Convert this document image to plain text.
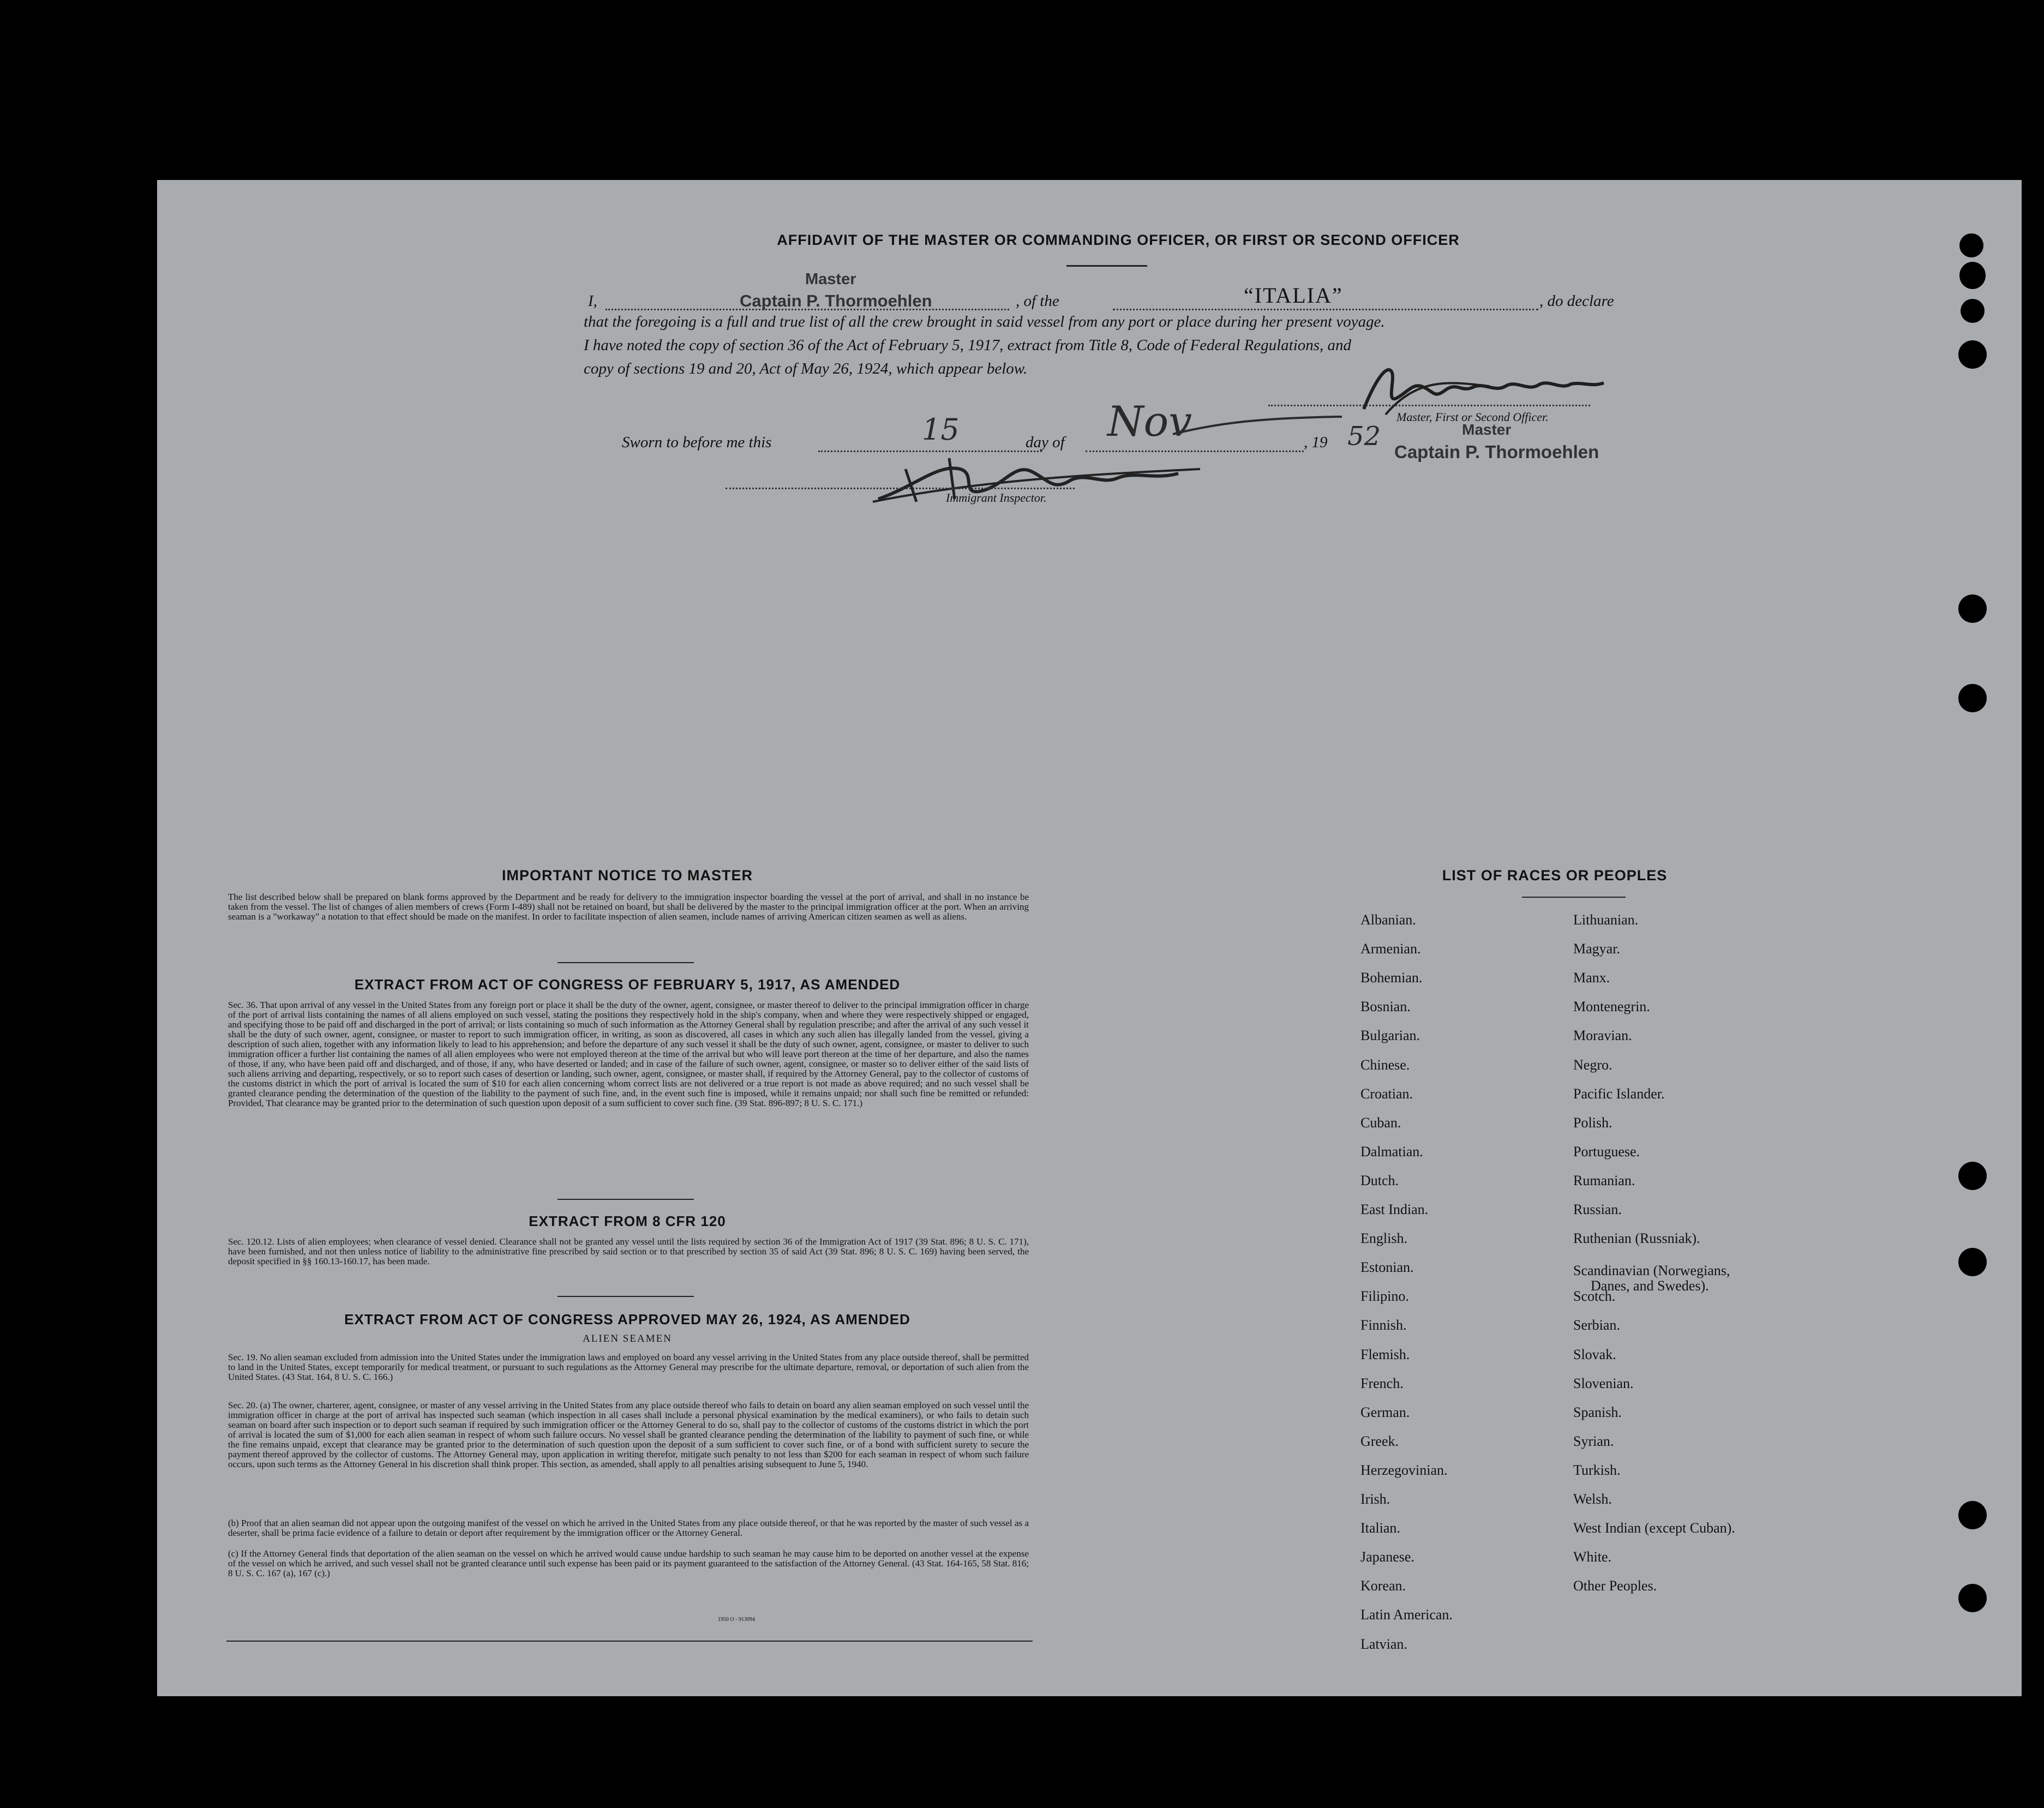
AFFIDAVIT OF THE MASTER OR COMMANDING OFFICER, OR FIRST OR SECOND OFFICER
Master
I,	Captain P. Thormoehlen	, of the	“ITALIA”	, do declare
that the foregoing is a full and true list of all the crew brought in said vessel from any port or place during her present voyage.
I have noted the copy of section 36 of the Act of February 5, 1917, extract from Title 8, Code of Federal Regulations, and
copy of sections 19 and 20, Act of May 26, 1924, which appear below.
Master, First or Second Officer.
Sworn to before me this	15	day of Nov	, 19 52	Master
Captain P. Thormoehlen
Immigrant Inspector.
IMPORTANT NOTICE TO MASTER
The list described below shall be prepared on blank forms approved by the Department and be ready for delivery to the immigration inspector boarding the vessel at the port of arrival, and shall in no instance be taken from the vessel. The list of changes of alien members of crews (Form I-489) shall not be retained on board, but shall be delivered by the master to the principal immigration officer at the port. When an arriving seaman is a "workaway" a notation to that effect should be made on the manifest. In order to facilitate inspection of alien seamen, include names of arriving American citizen seamen as well as aliens.
EXTRACT FROM ACT OF CONGRESS OF FEBRUARY 5, 1917, AS AMENDED
Sec. 36. That upon arrival of any vessel in the United States from any foreign port or place it shall be the duty of the owner, agent, consignee, or master thereof to deliver to the principal immigration officer in charge of the port of arrival lists containing the names of all aliens employed on such vessel, stating the positions they respectively hold in the ship's company, when and where they were respectively shipped or engaged, and specifying those to be paid off and discharged in the port of arrival; or lists containing so much of such information as the Attorney General shall by regulation prescribe; and after the arrival of any such vessel it shall be the duty of such owner, agent, consignee, or master to report to such immigration officer, in writing, as soon as discovered, all cases in which any such alien has illegally landed from the vessel, giving a description of such alien, together with any information likely to lead to his apprehension; and before the departure of any such vessel it shall be the duty of such owner, agent, consignee, or master to deliver to such immigration officer a further list containing the names of all alien employees who were not employed thereon at the time of the arrival but who will leave port thereon at the time of her departure, and also the names of those, if any, who have been paid off and discharged, and of those, if any, who have deserted or landed; and in case of the failure of such owner, agent, consignee, or master so to deliver either of the said lists of such aliens arriving and departing, respectively, or so to report such cases of desertion or landing, such owner, agent, consignee, or master shall, if required by the Attorney General, pay to the collector of customs of the customs district in which the port of arrival is located the sum of $10 for each alien concerning whom correct lists are not delivered or a true report is not made as above required; and no such vessel shall be granted clearance pending the determination of the question of the liability to the payment of such fine, and, in the event such fine is imposed, while it remains unpaid; nor shall such fine be remitted or refunded: Provided, That clearance may be granted prior to the determination of such question upon deposit of a sum sufficient to cover such fine. (39 Stat. 896-897; 8 U. S. C. 171.)
EXTRACT FROM 8 CFR 120
Sec. 120.12. Lists of alien employees; when clearance of vessel denied. Clearance shall not be granted any vessel until the lists required by section 36 of the Immigration Act of 1917 (39 Stat. 896; 8 U. S. C. 171), have been furnished, and not then unless notice of liability to the administrative fine prescribed by said section or to that prescribed by section 35 of said Act (39 Stat. 896; 8 U. S. C. 169) having been served, the deposit specified in §§ 160.13-160.17, has been made.
EXTRACT FROM ACT OF CONGRESS APPROVED MAY 26, 1924, AS AMENDED
ALIEN SEAMEN
Sec. 19. No alien seaman excluded from admission into the United States under the immigration laws and employed on board any vessel arriving in the United States from any place outside thereof, shall be permitted to land in the United States, except temporarily for medical treatment, or pursuant to such regulations as the Attorney General may prescribe for the ultimate departure, removal, or deportation of such alien from the United States. (43 Stat. 164, 8 U. S. C. 166.)
Sec. 20. (a) The owner, charterer, agent, consignee, or master of any vessel arriving in the United States from any place outside thereof who fails to detain on board any alien seaman employed on such vessel until the immigration officer in charge at the port of arrival has inspected such seaman (which inspection in all cases shall include a personal physical examination by the medical examiners), or who fails to detain such seaman on board after such inspection or to deport such seaman if required by such immigration officer or the Attorney General to do so, shall pay to the collector of customs of the customs district in which the port of arrival is located the sum of $1,000 for each alien seaman in respect of whom such failure occurs. No vessel shall be granted clearance pending the determination of the liability to payment of such fine, or while the fine remains unpaid, except that clearance may be granted prior to the determination of such question upon the deposit of a sum sufficient to cover such fine, or of a bond with sufficient surety to secure the payment thereof approved by the collector of customs. The Attorney General may, upon application in writing therefor, mitigate such penalty to not less than $200 for each seaman in respect of whom such failure occurs, upon such terms as the Attorney General in his discretion shall think proper. This section, as amended, shall apply to all penalties arising subsequent to June 5, 1940.
(b) Proof that an alien seaman did not appear upon the outgoing manifest of the vessel on which he arrived in the United States from any place outside thereof, or that he was reported by the master of such vessel as a deserter, shall be prima facie evidence of a failure to detain or deport after requirement by the immigration officer or the Attorney General.
(c) If the Attorney General finds that deportation of the alien seaman on the vessel on which he arrived would cause undue hardship to such seaman he may cause him to be deported on another vessel at the expense of the vessel on which he arrived, and such vessel shall not be granted clearance until such expense has been paid or its payment guaranteed to the satisfaction of the Attorney General. (43 Stat. 164-165, 58 Stat. 816; 8 U. S. C. 167 (a), 167 (c).)
1950 O - 913094
LIST OF RACES OR PEOPLES
Albanian.
Armenian.
Bohemian.
Bosnian.
Bulgarian.
Chinese.
Croatian.
Cuban.
Dalmatian.
Dutch.
East Indian.
English.
Estonian.
Filipino.
Finnish.
Flemish.
French.
German.
Greek.
Herzegovinian.
Irish.
Italian.
Japanese.
Korean.
Latin American.
Latvian.
Lithuanian.
Magyar.
Manx.
Montenegrin.
Moravian.
Negro.
Pacific Islander.
Polish.
Portuguese.
Rumanian.
Russian.
Ruthenian (Russniak).
Scandinavian (Norwegians,
Danes, and Swedes).
Scotch.
Serbian.
Slovak.
Slovenian.
Spanish.
Syrian.
Turkish.
Welsh.
West Indian (except Cuban).
White.
Other Peoples.
